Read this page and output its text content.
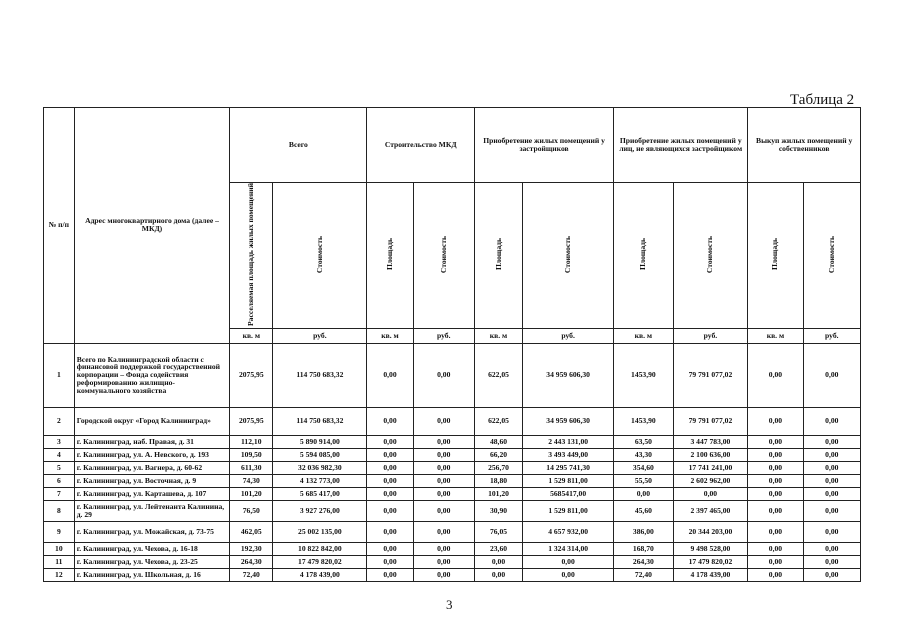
Таблица 2
№ п/п	Адрес многоквартирного дома (далее – МКД)	Всего		Строительство МКД		Приобретение жилых помещений у застройщиков		Приобретение жилых помещений у лиц, не являющихся застройщиком		Выкуп жилых помещений у собственников	
		Расселяемая площадь жилых помещений	Стоимость	Площадь	Стоимость	Площадь	Стоимость	Площадь	Стоимость	Площадь	Стоимость
		кв. м	руб.	кв. м	руб.	кв. м	руб.	кв. м	руб.	кв. м	руб.
1	Всего по Калининградской области с финансовой поддержкой государственной корпорации – Фонда содействия реформированию жилищно-коммунального хозяйства	2075,95	114 750 683,32	0,00	0,00	622,05	34 959 606,30	1453,90	79 791 077,02	0,00	0,00
2	Городской округ «Город Калининград»	2075,95	114 750 683,32	0,00	0,00	622,05	34 959 606,30	1453,90	79 791 077,02	0,00	0,00
3	г. Калининград, наб. Правая, д. 31	112,10	5 890 914,00	0,00	0,00	48,60	2 443 131,00	63,50	3 447 783,00	0,00	0,00
4	г. Калининград, ул. А. Невского, д. 193	109,50	5 594 085,00	0,00	0,00	66,20	3 493 449,00	43,30	2 100 636,00	0,00	0,00
5	г. Калининград, ул. Вагнера, д. 60-62	611,30	32 036 982,30	0,00	0,00	256,70	14 295 741,30	354,60	17 741 241,00	0,00	0,00
6	г. Калининград, ул. Восточная, д. 9	74,30	4 132 773,00	0,00	0,00	18,80	1 529 811,00	55,50	2 602 962,00	0,00	0,00
7	г. Калининград, ул. Карташева, д. 107	101,20	5 685 417,00	0,00	0,00	101,20	5685417,00	0,00	0,00	0,00	0,00
8	г. Калининград, ул. Лейтенанта Калинина, д. 29	76,50	3 927 276,00	0,00	0,00	30,90	1 529 811,00	45,60	2 397 465,00	0,00	0,00
9	г. Калининград, ул. Можайская, д. 73-75	462,05	25 002 135,00	0,00	0,00	76,05	4 657 932,00	386,00	20 344 203,00	0,00	0,00
10	г. Калининград, ул. Чехова, д. 16-18	192,30	10 822 842,00	0,00	0,00	23,60	1 324 314,00	168,70	9 498 528,00	0,00	0,00
11	г. Калининград, ул. Чехова, д. 23-25	264,30	17 479 820,02	0,00	0,00	0,00	0,00	264,30	17 479 820,02	0,00	0,00
12	г. Калининград, ул. Школьная, д. 16	72,40	4 178 439,00	0,00	0,00	0,00	0,00	72,40	4 178 439,00	0,00	0,00
3
